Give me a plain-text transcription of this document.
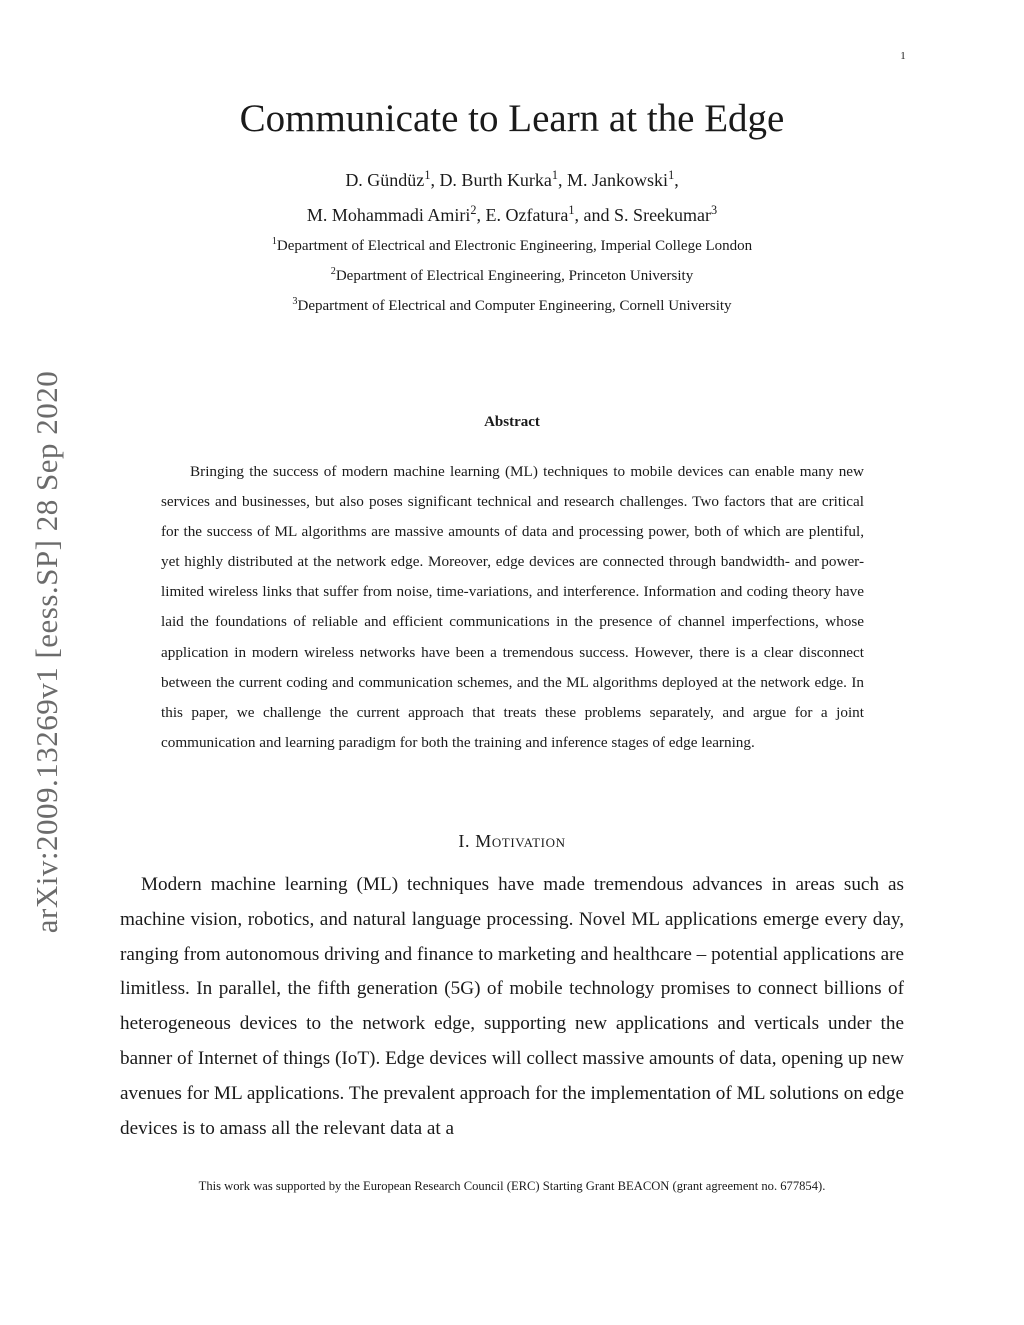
1
arXiv:2009.13269v1 [eess.SP] 28 Sep 2020
Communicate to Learn at the Edge
D. Gündüz$^1$, D. Burth Kurka$^1$, M. Jankowski$^1$,
M. Mohammadi Amiri$^2$, E. Ozfatura$^1$, and S. Sreekumar$^3$
$^1$Department of Electrical and Electronic Engineering, Imperial College London
$^2$Department of Electrical Engineering, Princeton University
$^3$Department of Electrical and Computer Engineering, Cornell University
Abstract

Bringing the success of modern machine learning (ML) techniques to mobile devices can enable many new services and businesses, but also poses significant technical and research challenges. Two factors that are critical for the success of ML algorithms are massive amounts of data and processing power, both of which are plentiful, yet highly distributed at the network edge. Moreover, edge devices are connected through bandwidth- and power-limited wireless links that suffer from noise, time-variations, and interference. Information and coding theory have laid the foundations of reliable and efficient communications in the presence of channel imperfections, whose application in modern wireless networks have been a tremendous success. However, there is a clear disconnect between the current coding and communication schemes, and the ML algorithms deployed at the network edge. In this paper, we challenge the current approach that treats these problems separately, and argue for a joint communication and learning paradigm for both the training and inference stages of edge learning.

I. Motivation

Modern machine learning (ML) techniques have made tremendous advances in areas such as machine vision, robotics, and natural language processing. Novel ML applications emerge every day, ranging from autonomous driving and finance to marketing and healthcare – potential applications are limitless. In parallel, the fifth generation (5G) of mobile technology promises to connect billions of heterogeneous devices to the network edge, supporting new applications and verticals under the banner of Internet of things (IoT). Edge devices will collect massive amounts of data, opening up new avenues for ML applications. The prevalent approach for the implementation of ML solutions on edge devices is to amass all the relevant data at a

This work was supported by the European Research Council (ERC) Starting Grant BEACON (grant agreement no. 677854).
